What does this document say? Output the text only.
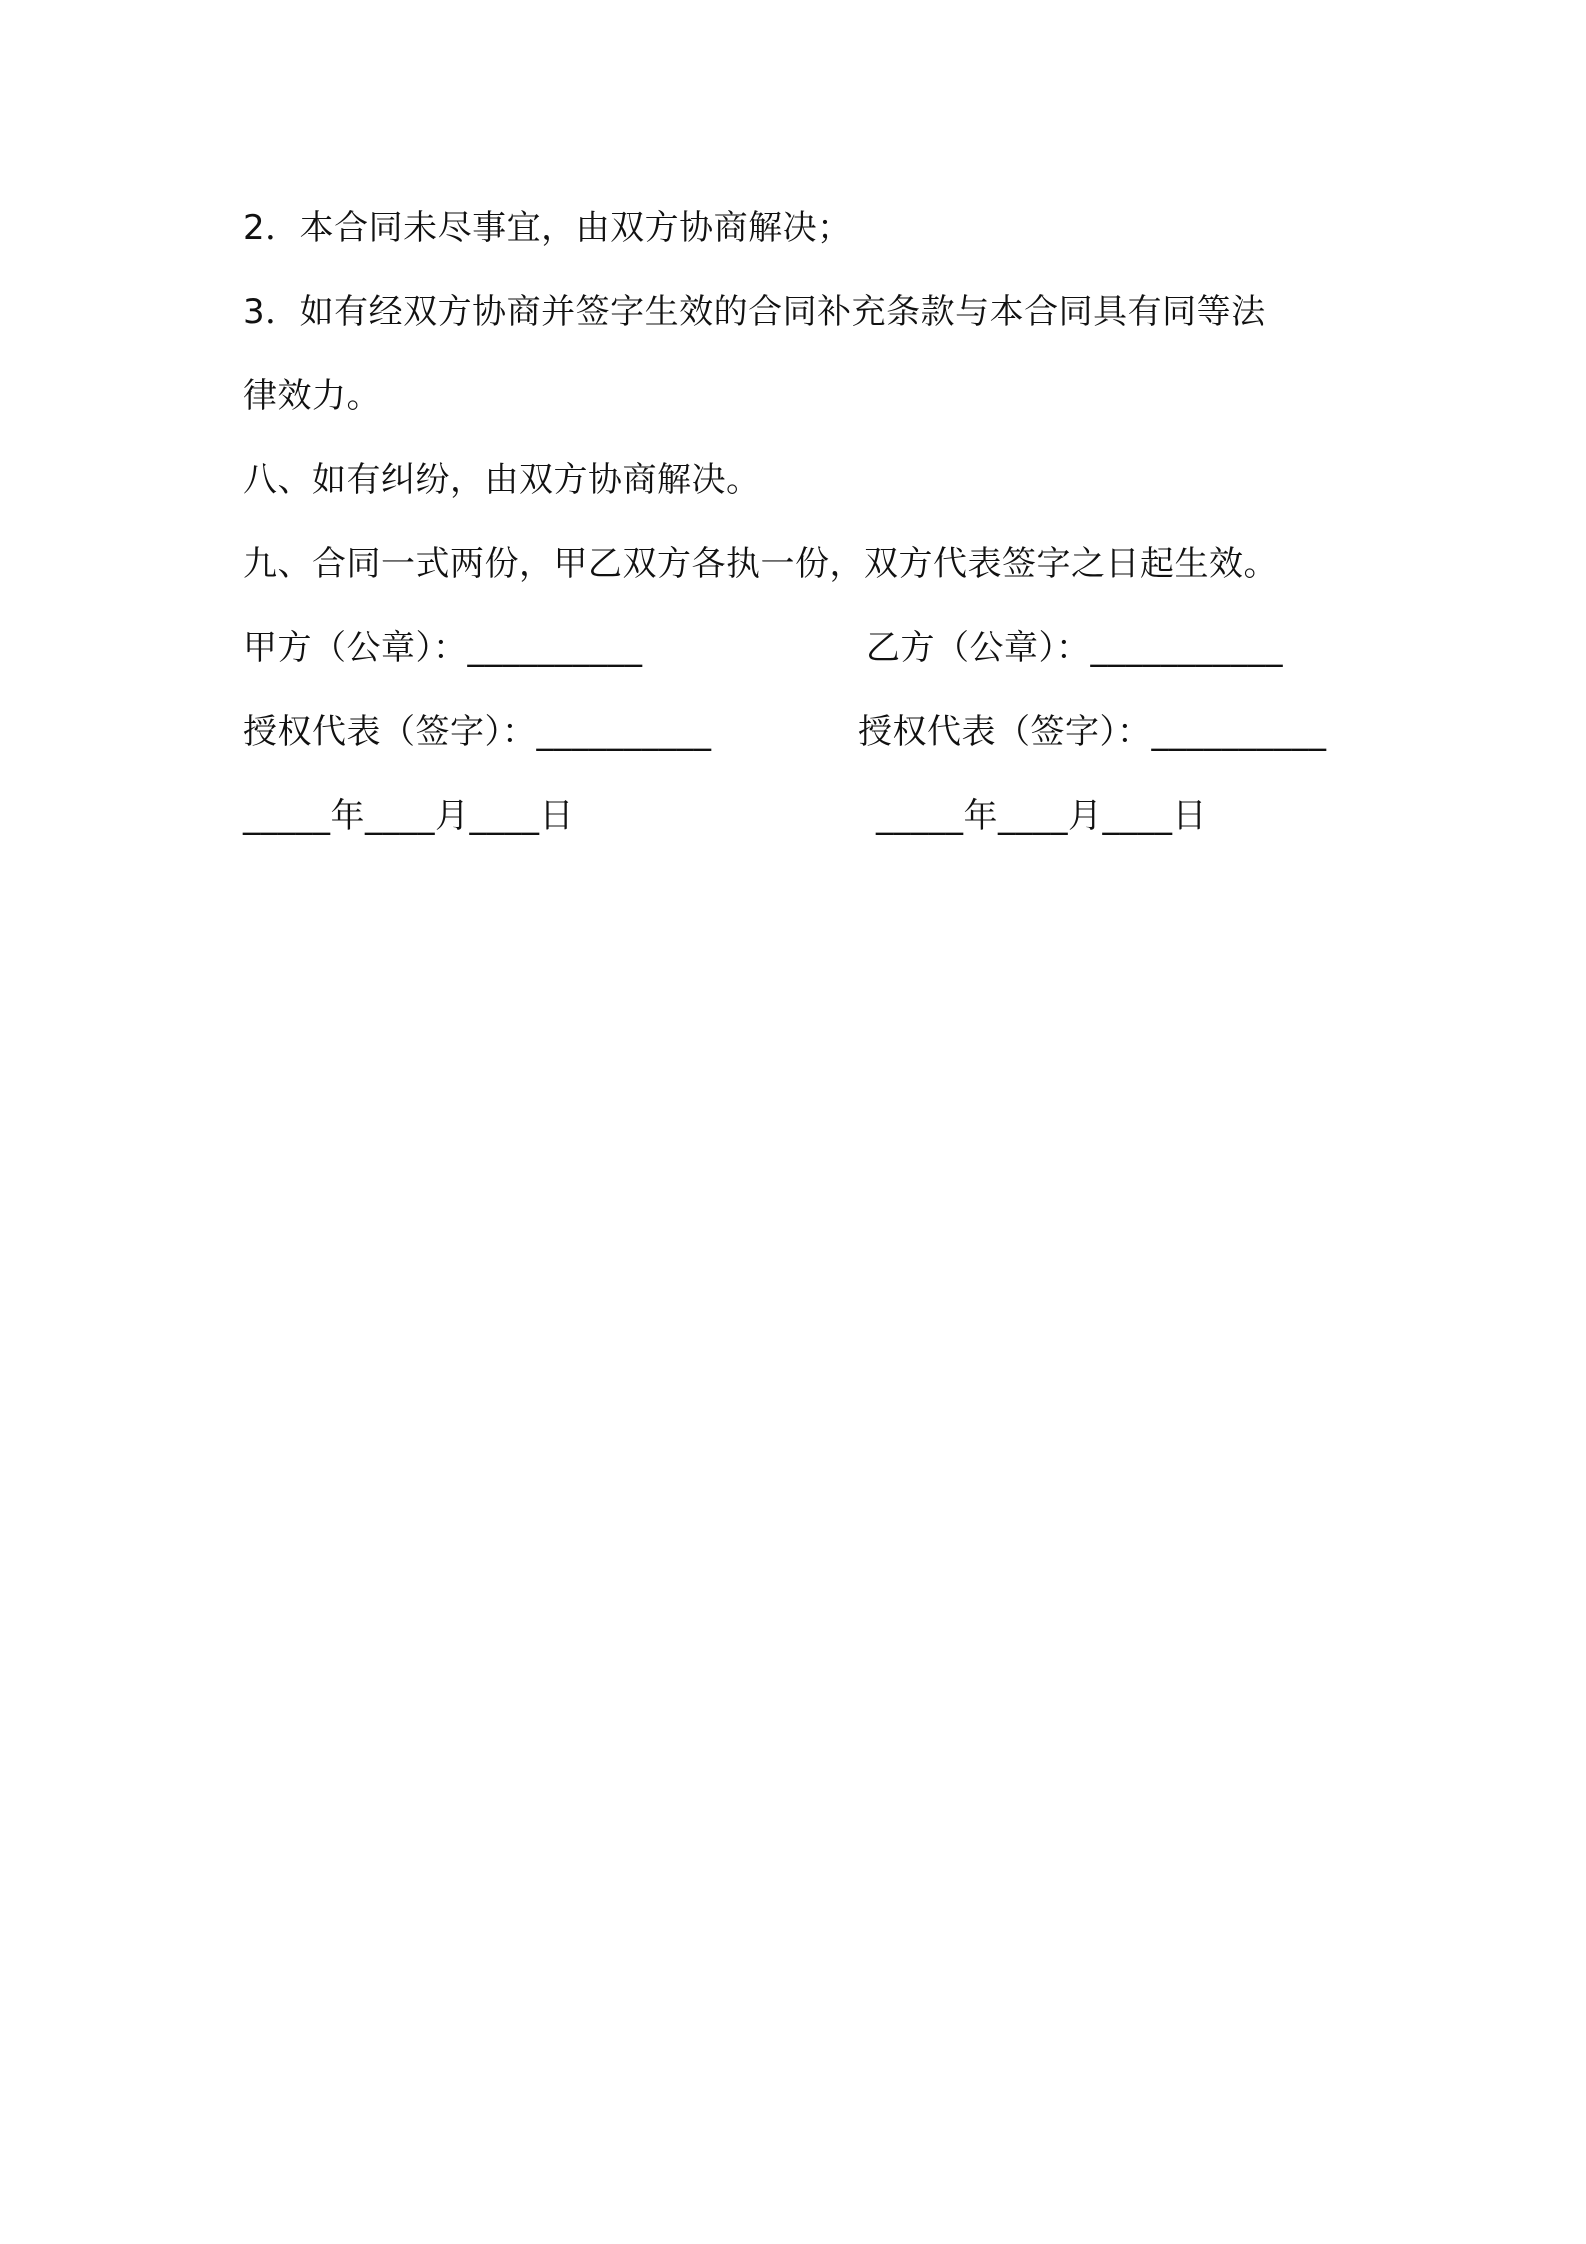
2．本合同未尽事宜，由双方协商解决；
3．如有经双方协商并签字生效的合同补充条款与本合同具有同等法
律效力。
八、如有纠纷，由双方协商解决。
九、合同一式两份，甲乙双方各执一份，双方代表签字之日起生效。
甲方（公章）：__________	乙方（公章）：___________
授权代表（签字）：__________	授权代表（签字）：__________
_____年____月____日	_____年____月____日
